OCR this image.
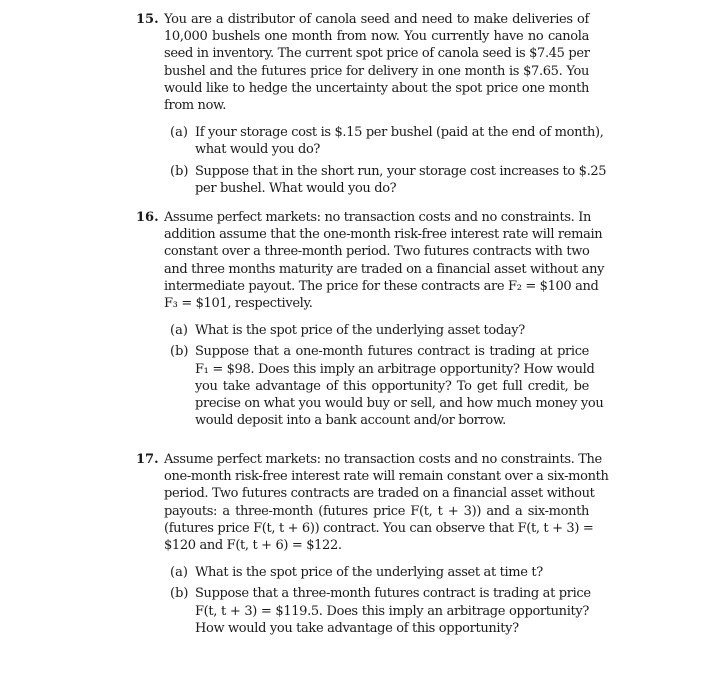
15. You are a distributor of canola seed and need to make deliveries of
10,000 bushels one month from now. You currently have no canola
seed in inventory. The current spot price of canola seed is $7.45 per
bushel and the futures price for delivery in one month is $7.65. You
would like to hedge the uncertainty about the spot price one month
from now.
(a) If your storage cost is $.15 per bushel (paid at the end of month),
what would you do?
(b) Suppose that in the short run, your storage cost increases to $.25
per bushel. What would you do?
16. Assume perfect markets: no transaction costs and no constraints. In
addition assume that the one-month risk-free interest rate will remain
constant over a three-month period. Two futures contracts with two
and three months maturity are traded on a financial asset without any
intermediate payout. The price for these contracts are F₂ = $100 and
F₃ = $101, respectively.
(a) What is the spot price of the underlying asset today?
(b) Suppose that a one-month futures contract is trading at price
F₁ = $98. Does this imply an arbitrage opportunity? How would
you take advantage of this opportunity? To get full credit, be
precise on what you would buy or sell, and how much money you
would deposit into a bank account and/or borrow.
17. Assume perfect markets: no transaction costs and no constraints. The
one-month risk-free interest rate will remain constant over a six-month
period. Two futures contracts are traded on a financial asset without
payouts: a three-month (futures price F(t, t + 3)) and a six-month
(futures price F(t, t + 6)) contract. You can observe that F(t, t + 3) =
$120 and F(t, t + 6) = $122.
(a) What is the spot price of the underlying asset at time t?
(b) Suppose that a three-month futures contract is trading at price
F(t, t + 3) = $119.5. Does this imply an arbitrage opportunity?
How would you take advantage of this opportunity?
